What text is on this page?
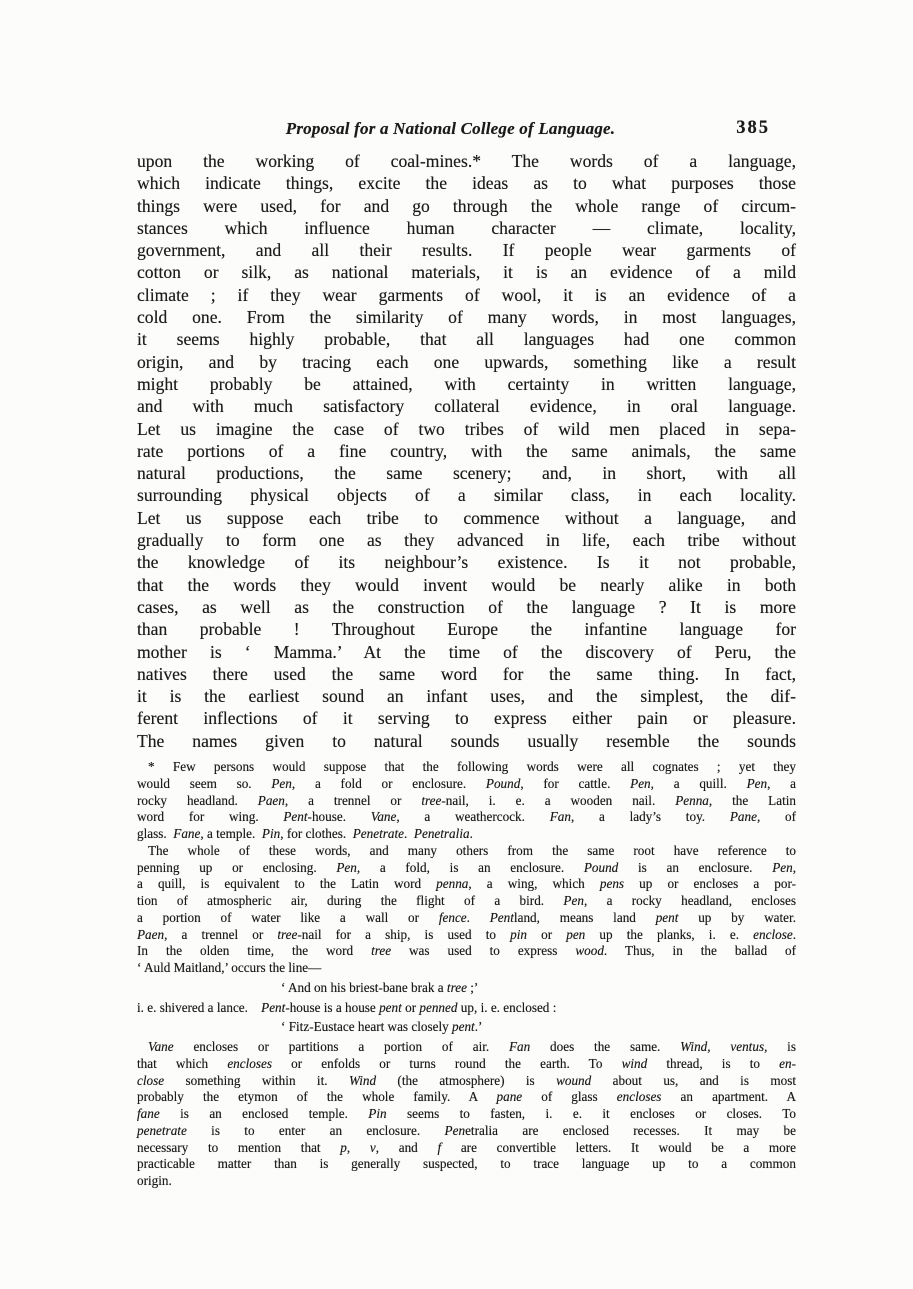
Proposal for a National College of Language.	385
upon the working of coal-mines.* The words of a language,
which indicate things, excite the ideas as to what purposes those
things were used, for and go through the whole range of circum-
stances which influence human character — climate, locality,
government, and all their results. If people wear garments of
cotton or silk, as national materials, it is an evidence of a mild
climate ; if they wear garments of wool, it is an evidence of a
cold one. From the similarity of many words, in most languages,
it seems highly probable, that all languages had one common
origin, and by tracing each one upwards, something like a result
might probably be attained, with certainty in written language,
and with much satisfactory collateral evidence, in oral language.
Let us imagine the case of two tribes of wild men placed in sepa-
rate portions of a fine country, with the same animals, the same
natural productions, the same scenery; and, in short, with all
surrounding physical objects of a similar class, in each locality.
Let us suppose each tribe to commence without a language, and
gradually to form one as they advanced in life, each tribe without
the knowledge of its neighbour’s existence. Is it not probable,
that the words they would invent would be nearly alike in both
cases, as well as the construction of the language ? It is more
than probable ! Throughout Europe the infantine language for
mother is ‘ Mamma.’ At the time of the discovery of Peru, the
natives there used the same word for the same thing. In fact,
it is the earliest sound an infant uses, and the simplest, the dif-
ferent inflections of it serving to express either pain or pleasure.
The names given to natural sounds usually resemble the sounds
* Few persons would suppose that the following words were all cognates ; yet they
would seem so. Pen, a fold or enclosure. Pound, for cattle. Pen, a quill. Pen, a
rocky headland. Paen, a trennel or tree-nail, i. e. a wooden nail. Penna, the Latin
word for wing. Pent-house. Vane, a weathercock. Fan, a lady’s toy. Pane, of
glass. Fane, a temple. Pin, for clothes. Penetrate. Penetralia.
The whole of these words, and many others from the same root have reference to
penning up or enclosing. Pen, a fold, is an enclosure. Pound is an enclosure. Pen,
a quill, is equivalent to the Latin word penna, a wing, which pens up or encloses a por-
tion of atmospheric air, during the flight of a bird. Pen, a rocky headland, encloses
a portion of water like a wall or fence. Pentland, means land pent up by water.
Paen, a trennel or tree-nail for a ship, is used to pin or pen up the planks, i. e. enclose.
In the olden time, the word tree was used to express wood. Thus, in the ballad of
‘ Auld Maitland,’ occurs the line—
‘ And on his briest-bane brak a tree ;’
i. e. shivered a lance.  Pent-house is a house pent or penned up, i. e. enclosed :
‘ Fitz-Eustace heart was closely pent.’
Vane encloses or partitions a portion of air. Fan does the same. Wind, ventus, is
that which encloses or enfolds or turns round the earth. To wind thread, is to en-
close something within it. Wind (the atmosphere) is wound about us, and is most
probably the etymon of the whole family. A pane of glass encloses an apartment. A
fane is an enclosed temple. Pin seems to fasten, i. e. it encloses or closes. To
penetrate is to enter an enclosure. Penetralia are enclosed recesses. It may be
necessary to mention that p, v, and f are convertible letters. It would be a more
practicable matter than is generally suspected, to trace language up to a common
origin.
